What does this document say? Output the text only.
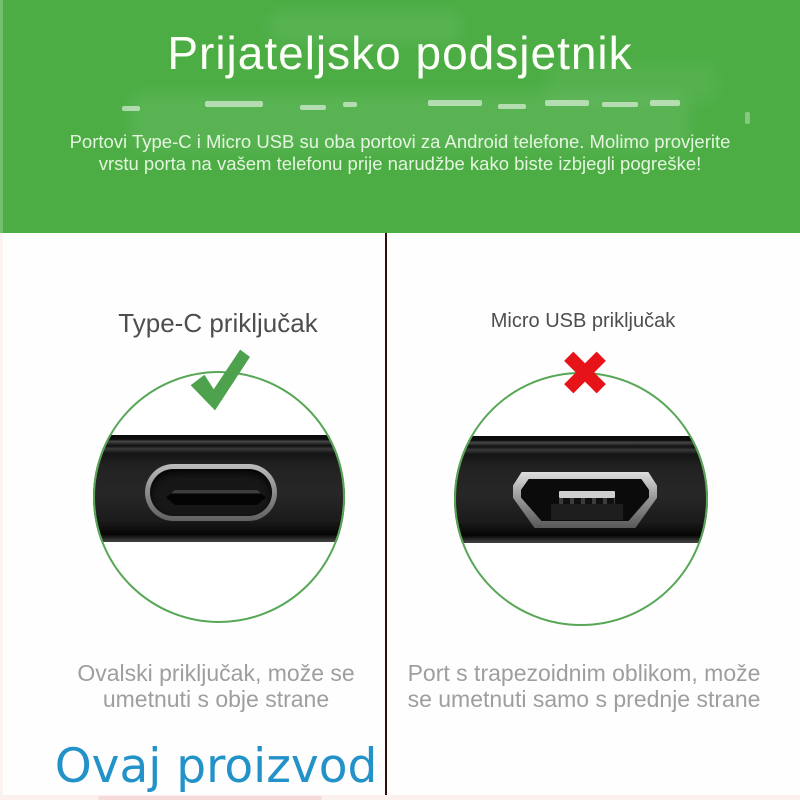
Prijateljsko podsjetnik
Portovi Type-C i Micro USB su oba portovi za Android telefone. Molimo provjerite
vrstu porta na vašem telefonu prije narudžbe kako biste izbjegli pogreške!
Type-C priključak
Ovalski priključak, može se
umetnuti s obje strane
Ovaj proizvod
Micro USB priključak
Port s trapezoidnim oblikom, može
se umetnuti samo s prednje strane
